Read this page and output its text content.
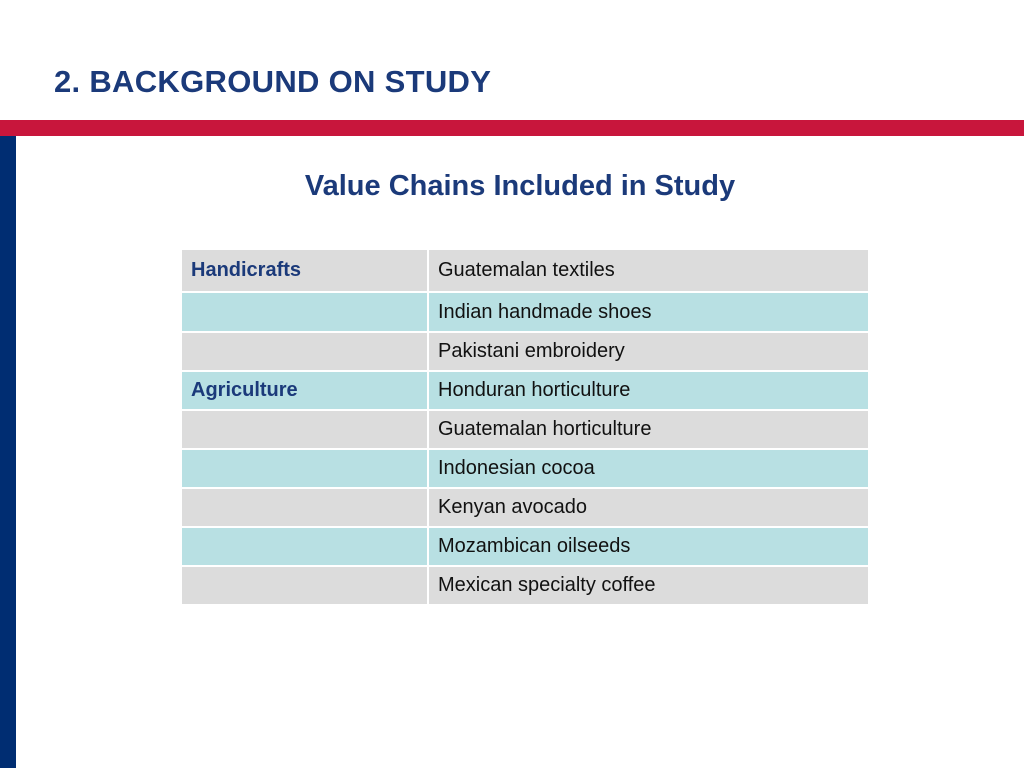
2. BACKGROUND ON STUDY
Value Chains Included in Study
Handicrafts	Guatemalan textiles
	Indian handmade shoes
	Pakistani embroidery
Agriculture	Honduran horticulture
	Guatemalan horticulture
	Indonesian cocoa
	Kenyan avocado
	Mozambican oilseeds
	Mexican specialty coffee
